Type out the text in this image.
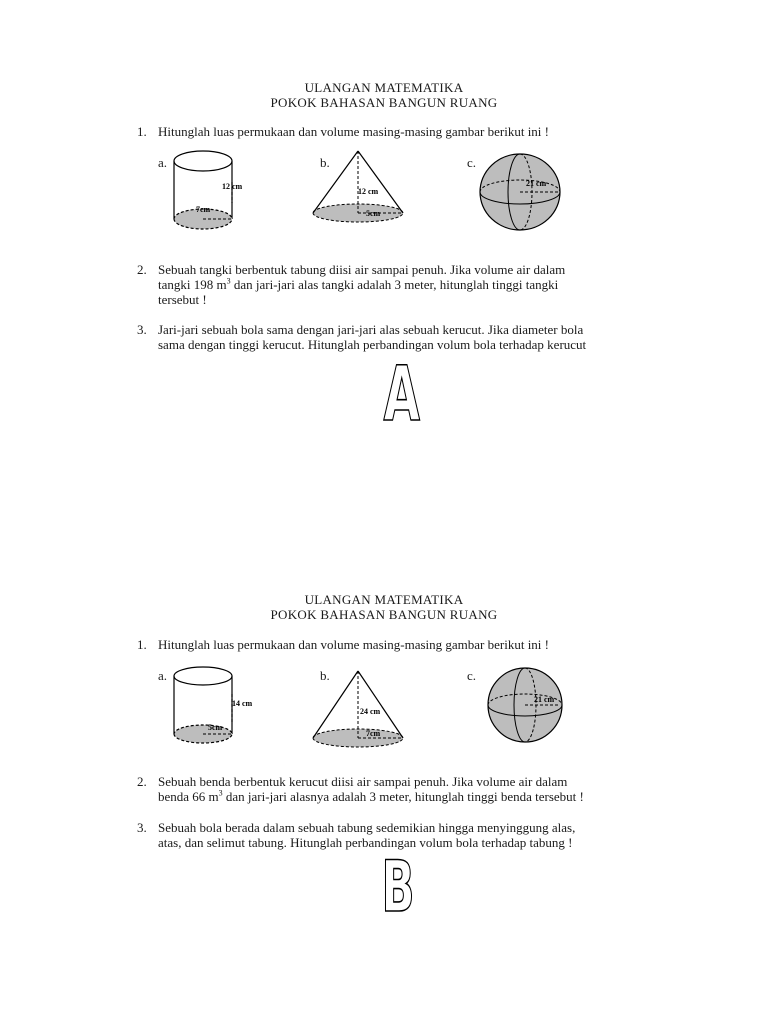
ULANGAN MATEMATIKA
POKOK BAHASAN BANGUN RUANG
1. Hitunglah luas permukaan dan volume masing-masing gambar berikut ini !
a.
12 cm
7cm
b.
12 cm
5cm
c.
21 cm
2. Sebuah tangki berbentuk tabung diisi air sampai penuh. Jika volume air dalam
tangki 198 $m^3$ dan jari-jari alas tangki adalah 3 meter, hitunglah tinggi tangki
tersebut !
3. Jari-jari sebuah bola sama dengan jari-jari alas sebuah kerucut. Jika diameter bola
sama dengan tinggi kerucut. Hitunglah perbandingan volum bola terhadap kerucut
A
ULANGAN MATEMATIKA
POKOK BAHASAN BANGUN RUANG
1. Hitunglah luas permukaan dan volume masing-masing gambar berikut ini !
a.
14 cm
5cm
b.
24 cm
7cm
c.
21 cm
2. Sebuah benda berbentuk kerucut diisi air sampai penuh. Jika volume air dalam
benda 66 $m^3$ dan jari-jari alasnya adalah 3 meter, hitunglah tinggi benda tersebut !
3. Sebuah bola berada dalam sebuah tabung sedemikian hingga menyinggung alas,
atas, dan selimut tabung. Hitunglah perbandingan volum bola terhadap tabung !
B
